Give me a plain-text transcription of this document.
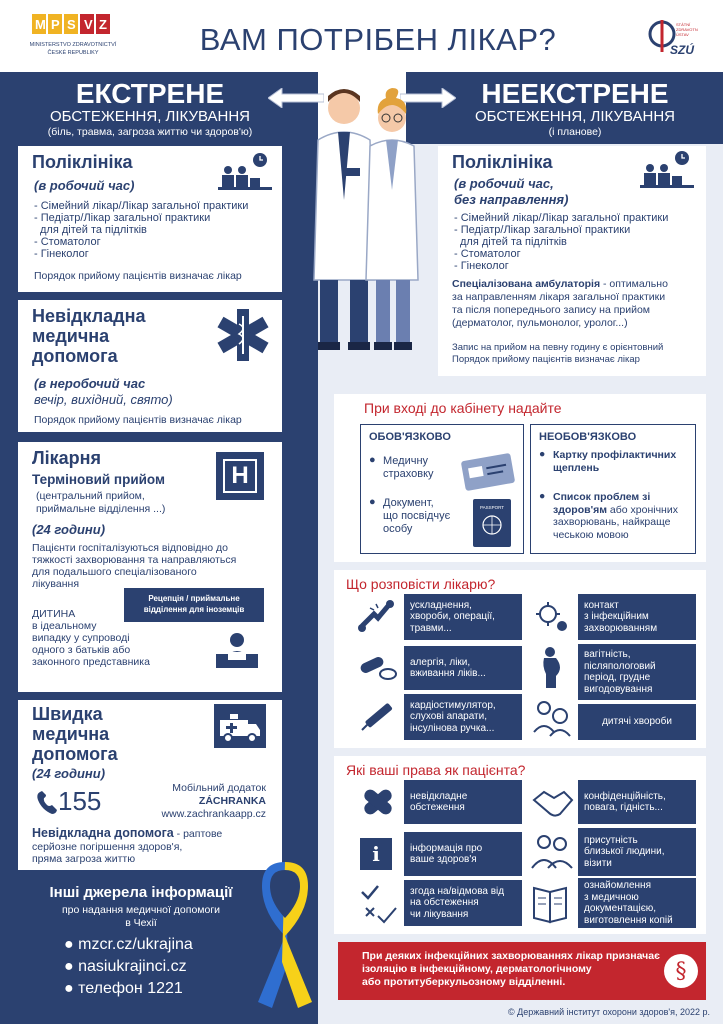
M P S V Z
MINISTERSTVO ZDRAVOTNICTVÍ
ČESKÉ REPUBLIKY	ВАМ ПОТРІБЕН ЛІКАР?	STÁTNÍ
ZDRAVOTNÍ
ÚSTAV
SZÚ
ЕКСТРЕНЕ
ОБСТЕЖЕННЯ, ЛІКУВАННЯ
(біль, травма, загроза життю чи здоров'ю)
НЕЕКСТРЕНЕ
ОБСТЕЖЕННЯ, ЛІКУВАННЯ
(і планове)
Поліклініка
(в робочий час)
- Сімейний лікар/Лікар загальної практики
- Педіатр/Лікар загальної практики
для дітей та підлітків
- Стоматолог
- Гінеколог
Порядок прийому пацієнтів визначає лікар
Невідкладна
медична
допомога
(в неробочий час
вечір, вихідний, свято)
Порядок прийому пацієнтів визначає лікар
Лікарня
Терміновий прийом
(центральний прийом,
приймальне відділення ...)
H
(24 години)
Пацієнти госпіталізуються відповідно до
тяжкості захворювання та направляються
для подальшого спеціалізованого
лікування
ДИТИНА
в ідеальному
випадку у супроводі
одного з батьків або
законного представника
Рецепція / приймальне
відділення для іноземців
Швидка
медична
допомога
(24 години)
155	Мобільний додаток
ZÁCHRANKA
www.zachrankaapp.cz
Невідкладна допомога - раптове
серйозне погіршення здоров'я,
пряма загроза життю
Інші джерела інформації
про надання медичної допомоги
в Чехії
● mzcr.cz/ukrajina
● nasiukrajinci.cz
● телефон 1221
Поліклініка
(в робочий час,
без направлення)
- Сімейний лікар/Лікар загальної практики
- Педіатр/Лікар загальної практики
для дітей та підлітків
- Стоматолог
- Гінеколог
Спеціалізована амбулаторія - оптимально
за направленням лікаря загальної практики
та після попереднього запису на прийом
(дерматолог, пульмонолог, уролог...)
Запис на прийом на певну годину є орієнтовний
Порядок прийому пацієнтів визначає лікар
При вході до кабінету надайте
ОБОВ'ЯЗКОВО
● Медичну
страховку
● Документ,
що посвідчує
особу
PASSPORT
НЕОБОВ'ЯЗКОВО
● Картку профілактичних
щеплень
● Список проблем зі
здоров'ям або хронічних
захворювань, найкраще
чеською мовою
Що розповісти лікарю?
ускладнення,
хвороби, операції,
травми...
алергія, ліки,
вживання ліків...
кардіостимулятор,
слухові апарати,
інсулінова ручка...
контакт
з інфекційним
захворюванням
вагітність,
післяпологовий
період, грудне
вигодовування
дитячі хвороби
Які ваші права як пацієнта?
i
невідкладне
обстеження
інформація про
ваше здоров'я
згода на/відмова від
на обстеження
чи лікування
конфіденційність,
повага, гідність...
присутність
близької людини,
візити
ознайомлення
з медичною
документацією,
виготовлення копій
При деяких інфекційних захворюваннях лікар призначає
ізоляцію в інфекційному, дерматологічному
або протитуберкульозному відділенні.	§
© Державний інститут охорони здоров'я, 2022 р.
